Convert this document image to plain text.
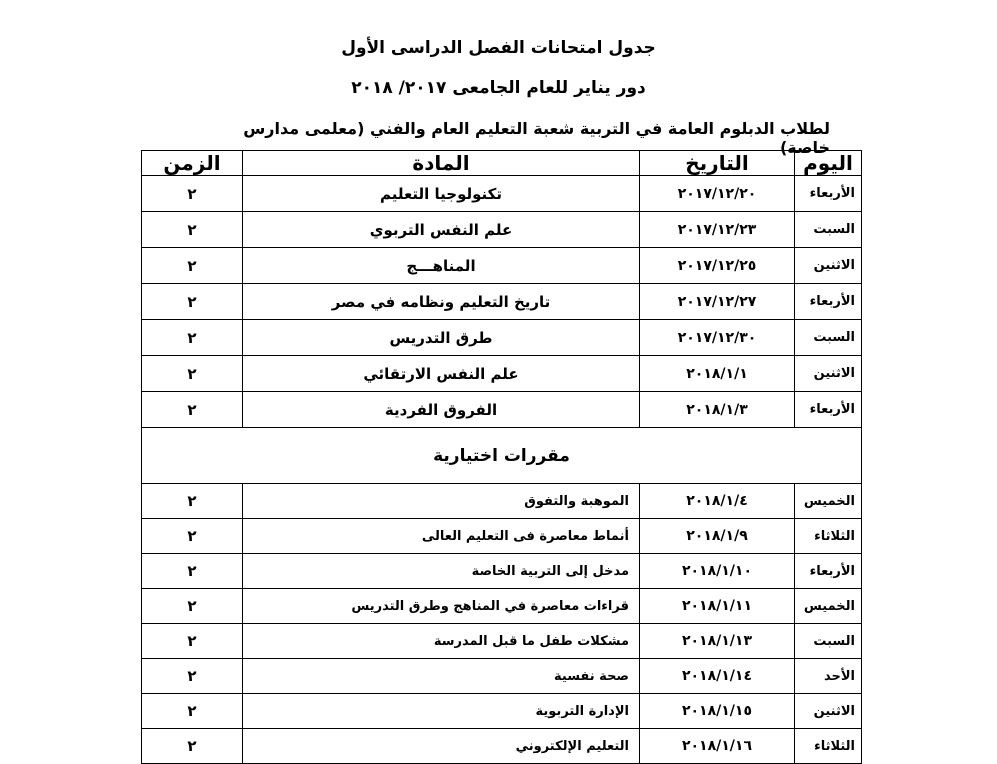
جدول امتحانات الفصل الدراسى الأول
دور يناير للعام الجامعى ٢٠١٧/ ٢٠١٨
لطلاب الدبلوم العامة في التربية شعبة التعليم العام والفني (معلمى مدارس خاصة)
اليوم	التاريخ	المادة	الزمن
الأربعاء	٢٠١٧/١٢/٢٠	تكنولوجيا التعليم	٢
السبت	٢٠١٧/١٢/٢٣	علم النفس التربوي	٢
الاثنين	٢٠١٧/١٢/٢٥	المناهـــج	٢
الأربعاء	٢٠١٧/١٢/٢٧	تاريخ التعليم ونظامه في مصر	٢
السبت	٢٠١٧/١٢/٣٠	طرق التدريس	٢
الاثنين	٢٠١٨/١/١	علم النفس الارتقائي	٢
الأربعاء	٢٠١٨/١/٣	الفروق الفردية	٢
مقررات اختيارية			
الخميس	٢٠١٨/١/٤	الموهبة والتفوق	٢
الثلاثاء	٢٠١٨/١/٩	أنماط معاصرة فى التعليم العالى	٢
الأربعاء	٢٠١٨/١/١٠	مدخل إلى التربية الخاصة	٢
الخميس	٢٠١٨/١/١١	قراءات معاصرة في المناهج وطرق التدريس	٢
السبت	٢٠١٨/١/١٣	مشكلات طفل ما قبل المدرسة	٢
الأحد	٢٠١٨/١/١٤	صحة نفسية	٢
الاثنين	٢٠١٨/١/١٥	الإدارة التربوية	٢
الثلاثاء	٢٠١٨/١/١٦	التعليم الإلكتروني	٢
